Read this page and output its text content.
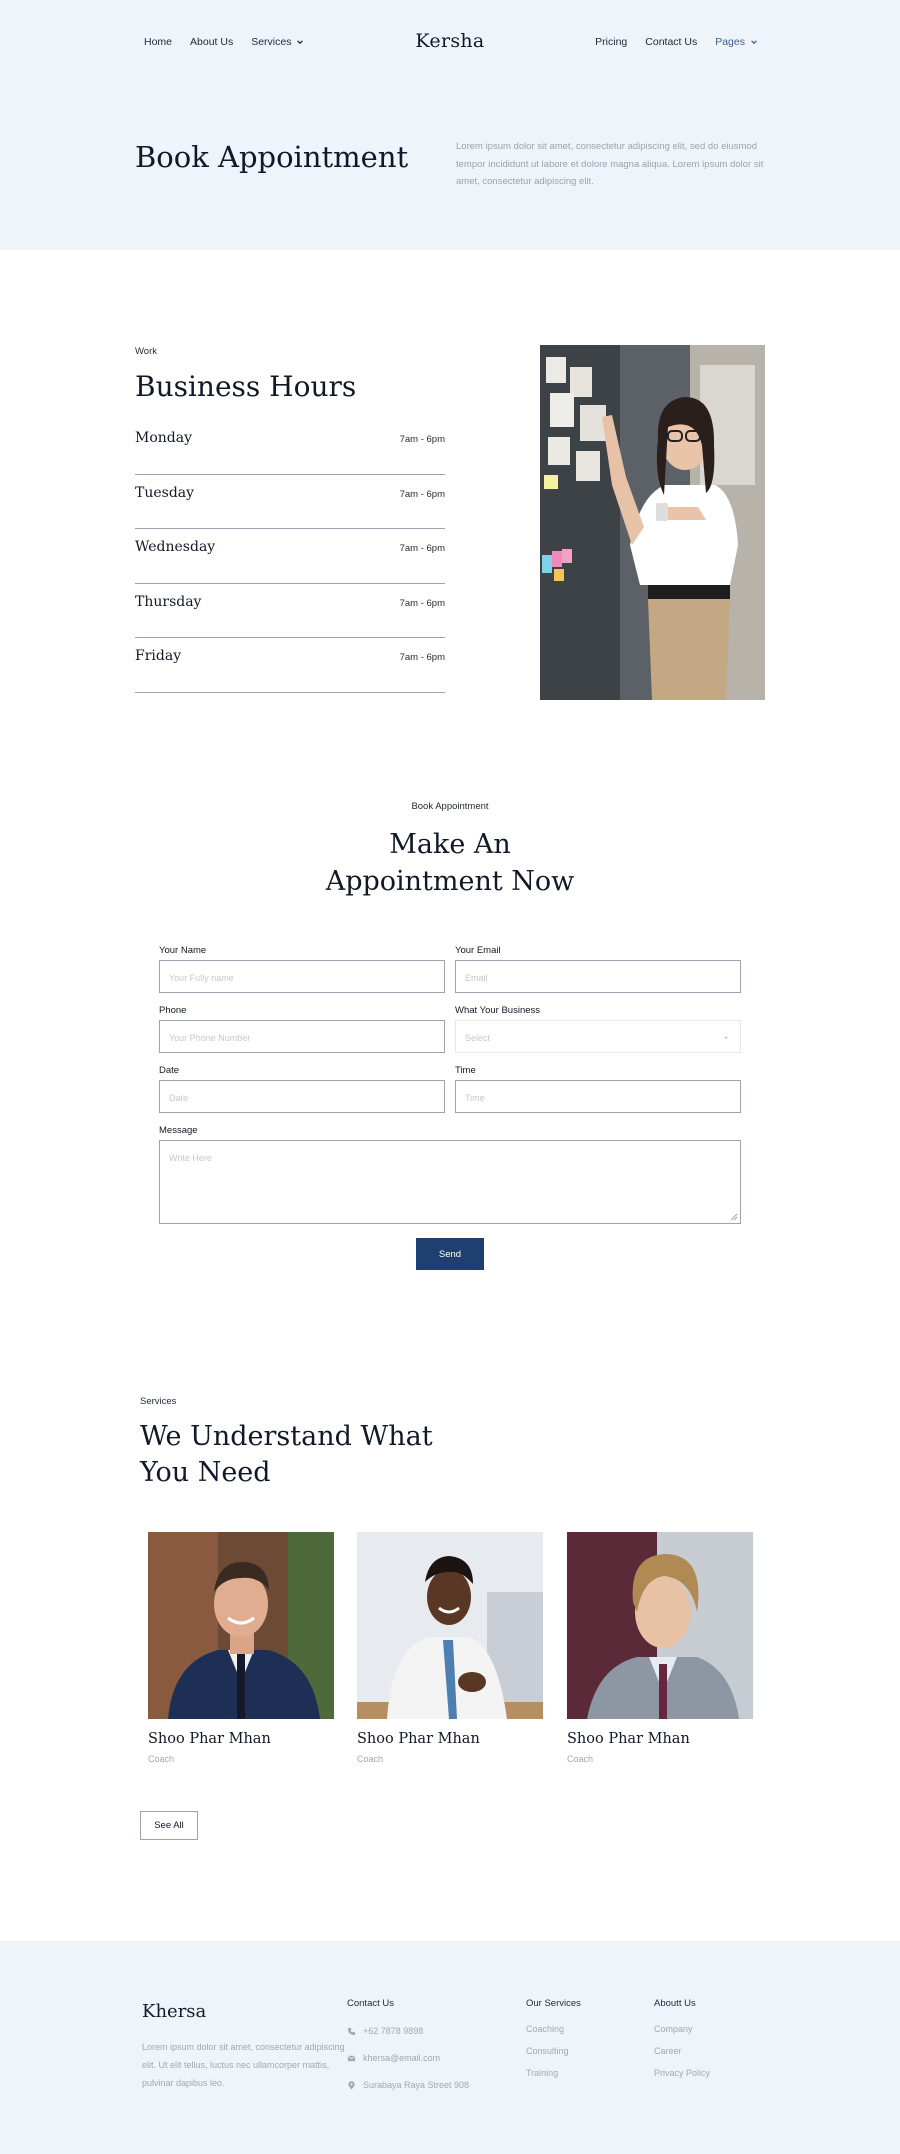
Home About Us Services	Kersha	Pricing Contact Us Pages
Book Appointment	Lorem ipsum dolor sit amet, consectetur adipiscing elit, sed do eiusmod tempor incididunt ut labore et dolore magna aliqua. Lorem ipsum dolor sit amet, consectetur adipiscing elit.

Work
Business Hours
Monday	7am - 6pm
Tuesday	7am - 6pm
Wednesday	7am - 6pm
Thursday	7am - 6pm
Friday	7am - 6pm
Book Appointment
Make An
Appointment Now
Your Name
Your Fully name
Your Email
Email
Phone
Your Phone Number
What Your Business
Select
Date
Date
Time
Time
Message
Write Here
Send
Services
We Understand What
You Need
Shoo Phar Mhan
Coach
Shoo Phar Mhan
Coach
Shoo Phar Mhan
Coach
See All
Khersa

Lorem ipsum dolor sit amet, consectetur adipiscing elit. Ut elit tellus, luctus nec ullamcorper mattis, pulvinar dapibus leo.

Contact Us
+62 7878 9898
khersa@email.com
Surabaya Raya Street 908
Our Services
Coaching
Consulting
Training
Aboutt Us
Company
Career
Privacy Policy
